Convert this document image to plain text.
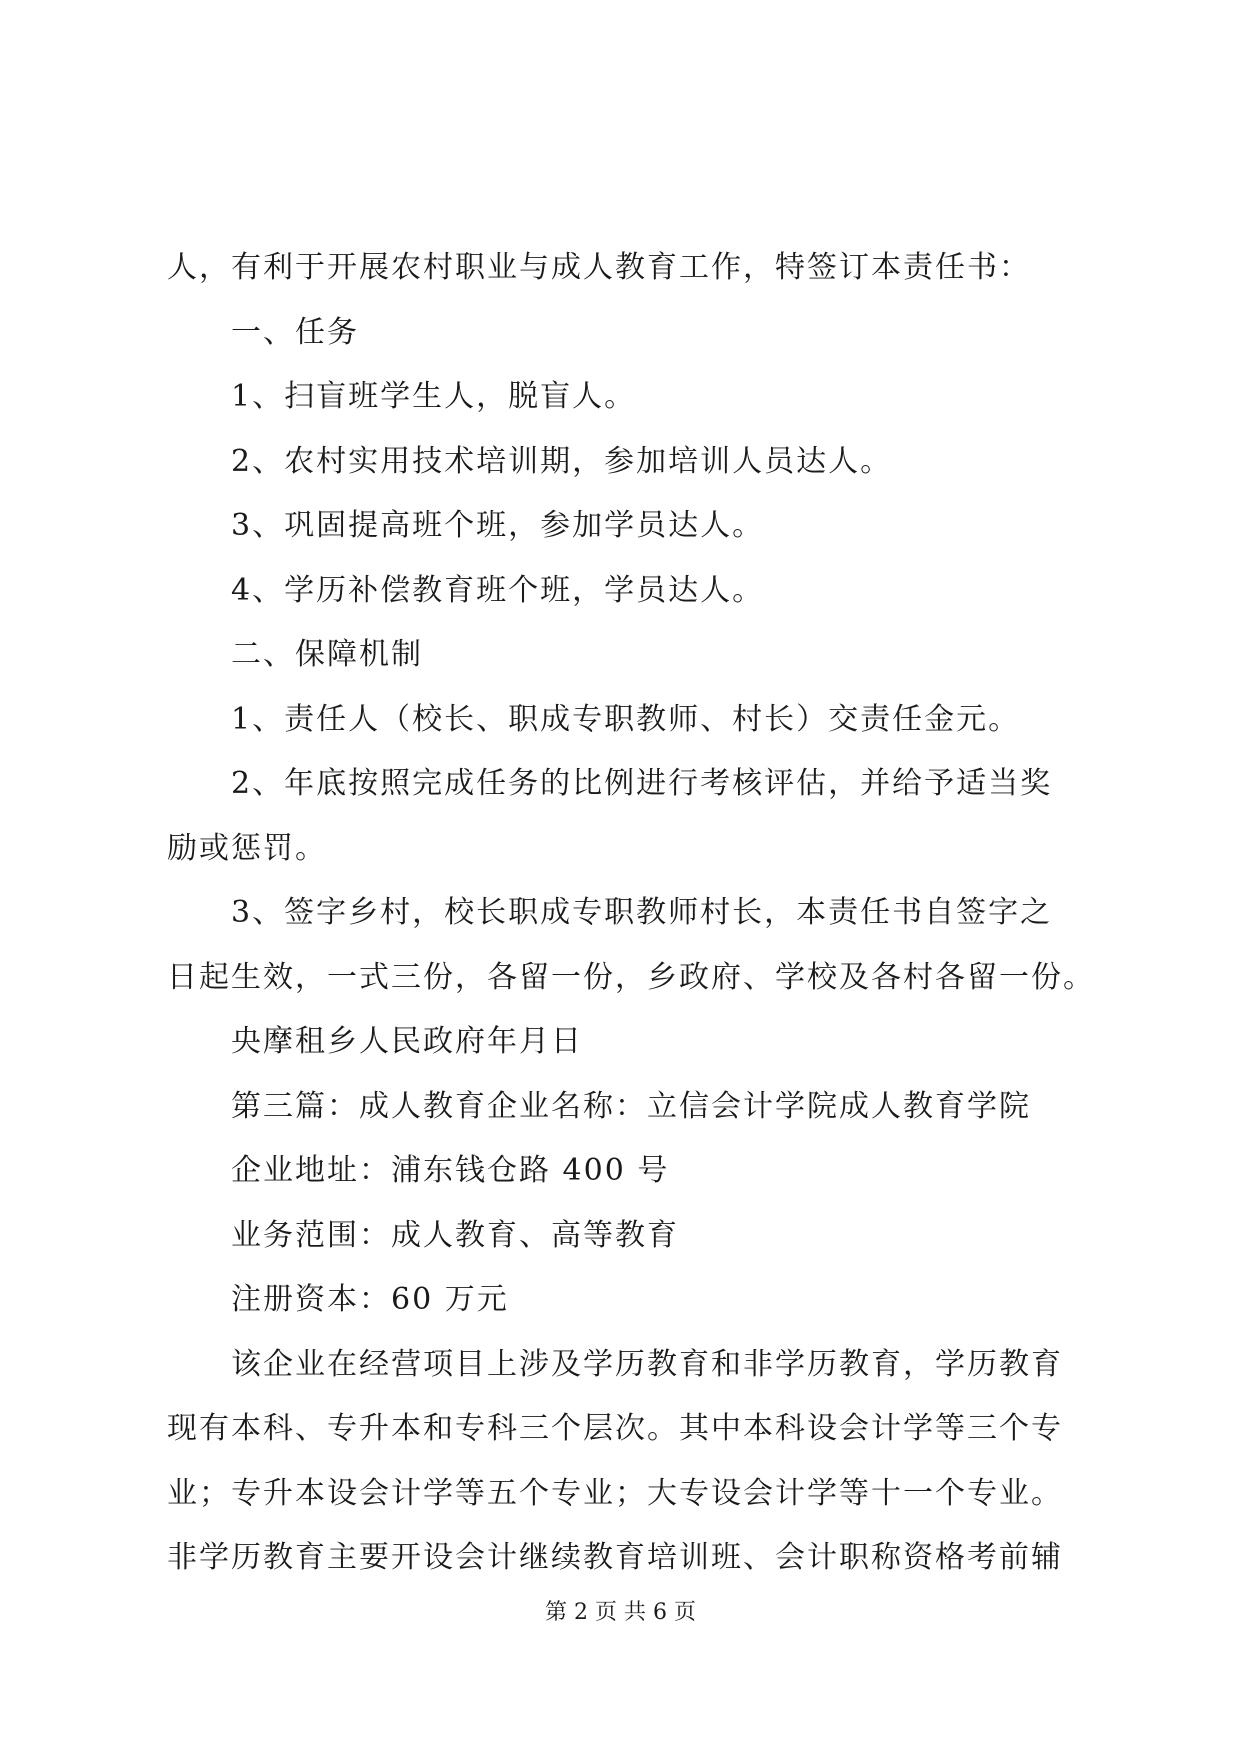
人，有利于开展农村职业与成人教育工作，特签订本责任书：
一、任务
1、扫盲班学生人，脱盲人。
2、农村实用技术培训期，参加培训人员达人。
3、巩固提高班个班，参加学员达人。
4、学历补偿教育班个班，学员达人。
二、保障机制
1、责任人（校长、职成专职教师、村长）交责任金元。
2、年底按照完成任务的比例进行考核评估，并给予适当奖
励或惩罚。
3、签字乡村，校长职成专职教师村长，本责任书自签字之
日起生效，一式三份，各留一份，乡政府、学校及各村各留一份。
央摩租乡人民政府年月日
第三篇：成人教育企业名称：立信会计学院成人教育学院
企业地址：浦东钱仓路 400 号
业务范围：成人教育、高等教育
注册资本：60 万元
该企业在经营项目上涉及学历教育和非学历教育，学历教育
现有本科、专升本和专科三个层次。其中本科设会计学等三个专
业；专升本设会计学等五个专业；大专设会计学等十一个专业。
非学历教育主要开设会计继续教育培训班、会计职称资格考前辅
第 2 页 共 6 页
